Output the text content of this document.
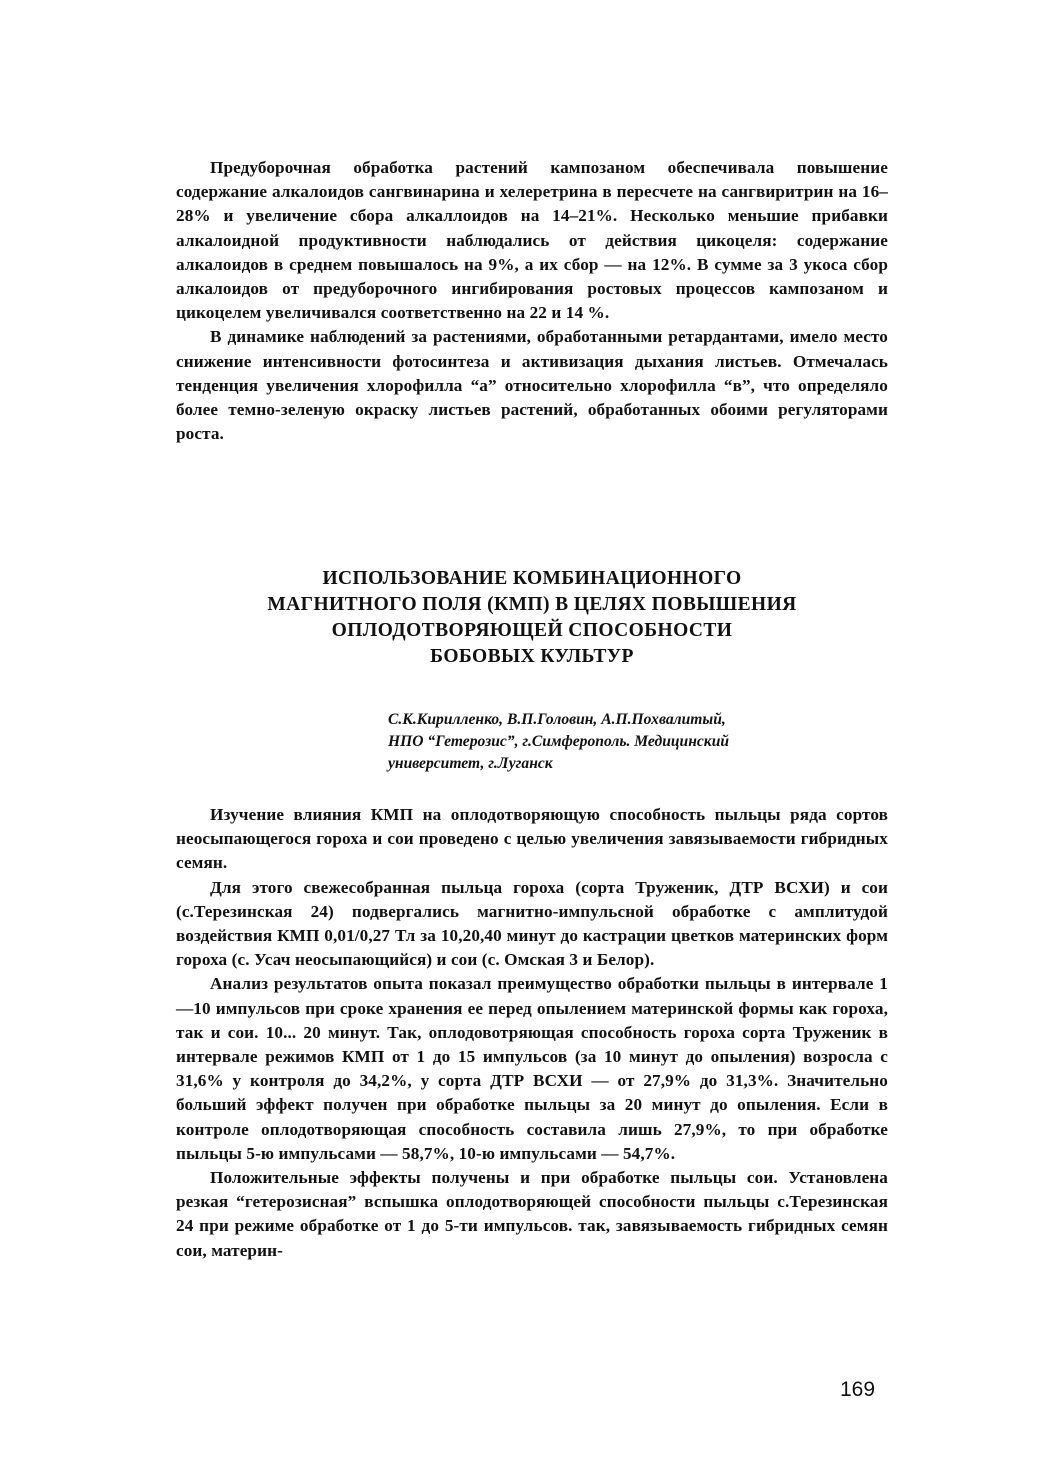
Предуборочная обработка растений кампозаном обеспечивала повышение содержание алкалоидов сангвинарина и хелеретрина в пересчете на сангвиритрин на 16–28% и увеличение сбора алкаллоидов на 14–21%. Несколько меньшие прибавки алкалоидной продуктивности наблюдались от действия цикоцеля: содержание алкалоидов в среднем повышалось на 9%, а их сбор — на 12%. В сумме за 3 укоса сбор алкалоидов от предуборочного ингибирования ростовых процессов кампозаном и цикоцелем увеличивался соответственно на 22 и 14 %.

В динамике наблюдений за растениями, обработанными ретардантами, имело место снижение интенсивности фотосинтеза и активизация дыхания листьев. Отмечалась тенденция увеличения хлорофилла “а” относительно хлорофилла “в”, что определяло более темно-зеленую окраску листьев растений, обработанных обоими регуляторами роста.

ИСПОЛЬЗОВАНИЕ КОМБИНАЦИОННОГО
МАГНИТНОГО ПОЛЯ (КМП) В ЦЕЛЯХ ПОВЫШЕНИЯ
ОПЛОДОТВОРЯЮЩЕЙ СПОСОБНОСТИ
БОБОВЫХ КУЛЬТУР
С.К.Кирилленко, В.П.Головин, А.П.Похвалитый,
НПО “Гетерозис”, г.Симферополь. Медицинский
университет, г.Луганск

Изучение влияния КМП на оплодотворяющую способность пыльцы ряда сортов неосыпающегося гороха и сои проведено с целью увеличения завязываемости гибридных семян.

Для этого свежесобранная пыльца гороха (сорта Труженик, ДТР ВСХИ) и сои (с.Терезинская 24) подвергались магнитно-импульсной обработке с амплитудой воздействия КМП 0,01/0,27 Тл за 10,20,40 минут до кастрации цветков материнских форм гороха (с. Усач неосыпающийся) и сои (с. Омская 3 и Белор).

Анализ результатов опыта показал преимущество обработки пыльцы в интервале 1—10 импульсов при сроке хранения ее перед опылением материнской формы как гороха, так и сои. 10... 20 минут. Так, оплодовотряющая способность гороха сорта Труженик в интервале режимов КМП от 1 до 15 импульсов (за 10 минут до опыления) возросла с 31,6% у контроля до 34,2%, у сорта ДТР ВСХИ — от 27,9% до 31,3%. Значительно больший эффект получен при обработке пыльцы за 20 минут до опыления. Если в контроле оплодотворяющая способность составила лишь 27,9%, то при обработке пыльцы 5-ю импульсами — 58,7%, 10-ю импульсами — 54,7%.

Положительные эффекты получены и при обработке пыльцы сои. Установлена резкая “гетерозисная” вспышка оплодотворяющей способности пыльцы с.Терезинская 24 при режиме обработке от 1 до 5-ти импульсов. так, завязываемость гибридных семян сои, материн-

169
